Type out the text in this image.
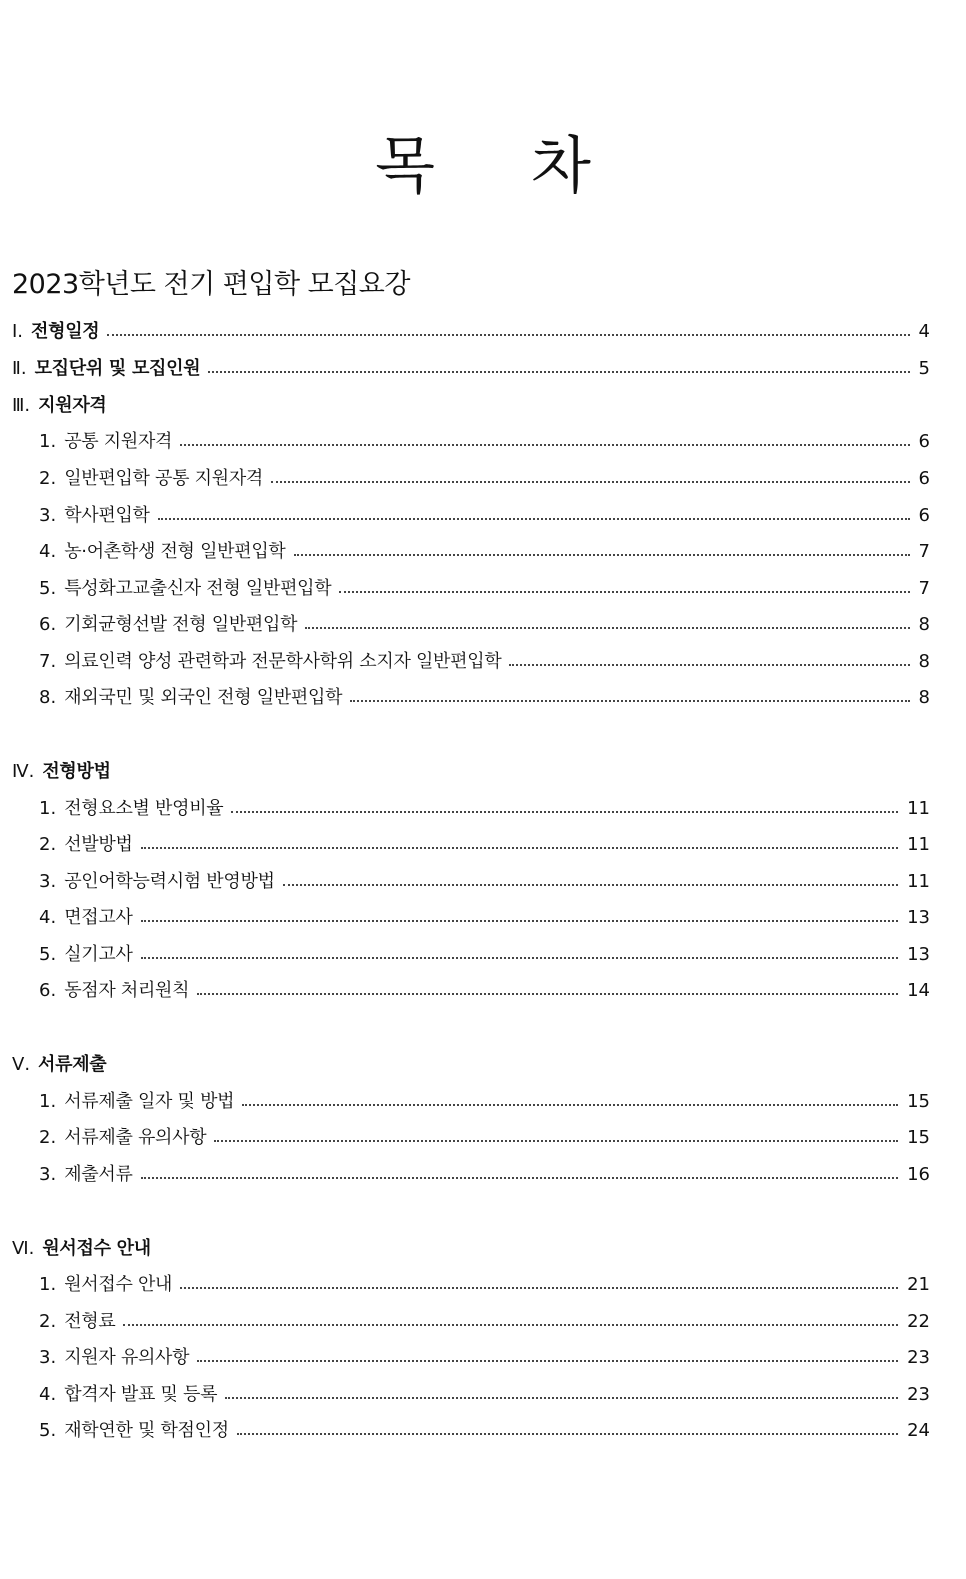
목 차
2023학년도 전기 편입학 모집요강
Ⅰ. 전형일정	4
Ⅱ. 모집단위 및 모집인원	5
Ⅲ. 지원자격
1. 공통 지원자격	6
2. 일반편입학 공통 지원자격	6
3. 학사편입학	6
4. 농·어촌학생 전형 일반편입학	7
5. 특성화고교출신자 전형 일반편입학	7
6. 기회균형선발 전형 일반편입학	8
7. 의료인력 양성 관련학과 전문학사학위 소지자 일반편입학	8
8. 재외국민 및 외국인 전형 일반편입학	8
Ⅳ. 전형방법
1. 전형요소별 반영비율	11
2. 선발방법	11
3. 공인어학능력시험 반영방법	11
4. 면접고사	13
5. 실기고사	13
6. 동점자 처리원칙	14
Ⅴ. 서류제출
1. 서류제출 일자 및 방법	15
2. 서류제출 유의사항	15
3. 제출서류	16
Ⅵ. 원서접수 안내
1. 원서접수 안내	21
2. 전형료	22
3. 지원자 유의사항	23
4. 합격자 발표 및 등록	23
5. 재학연한 및 학점인정	24
